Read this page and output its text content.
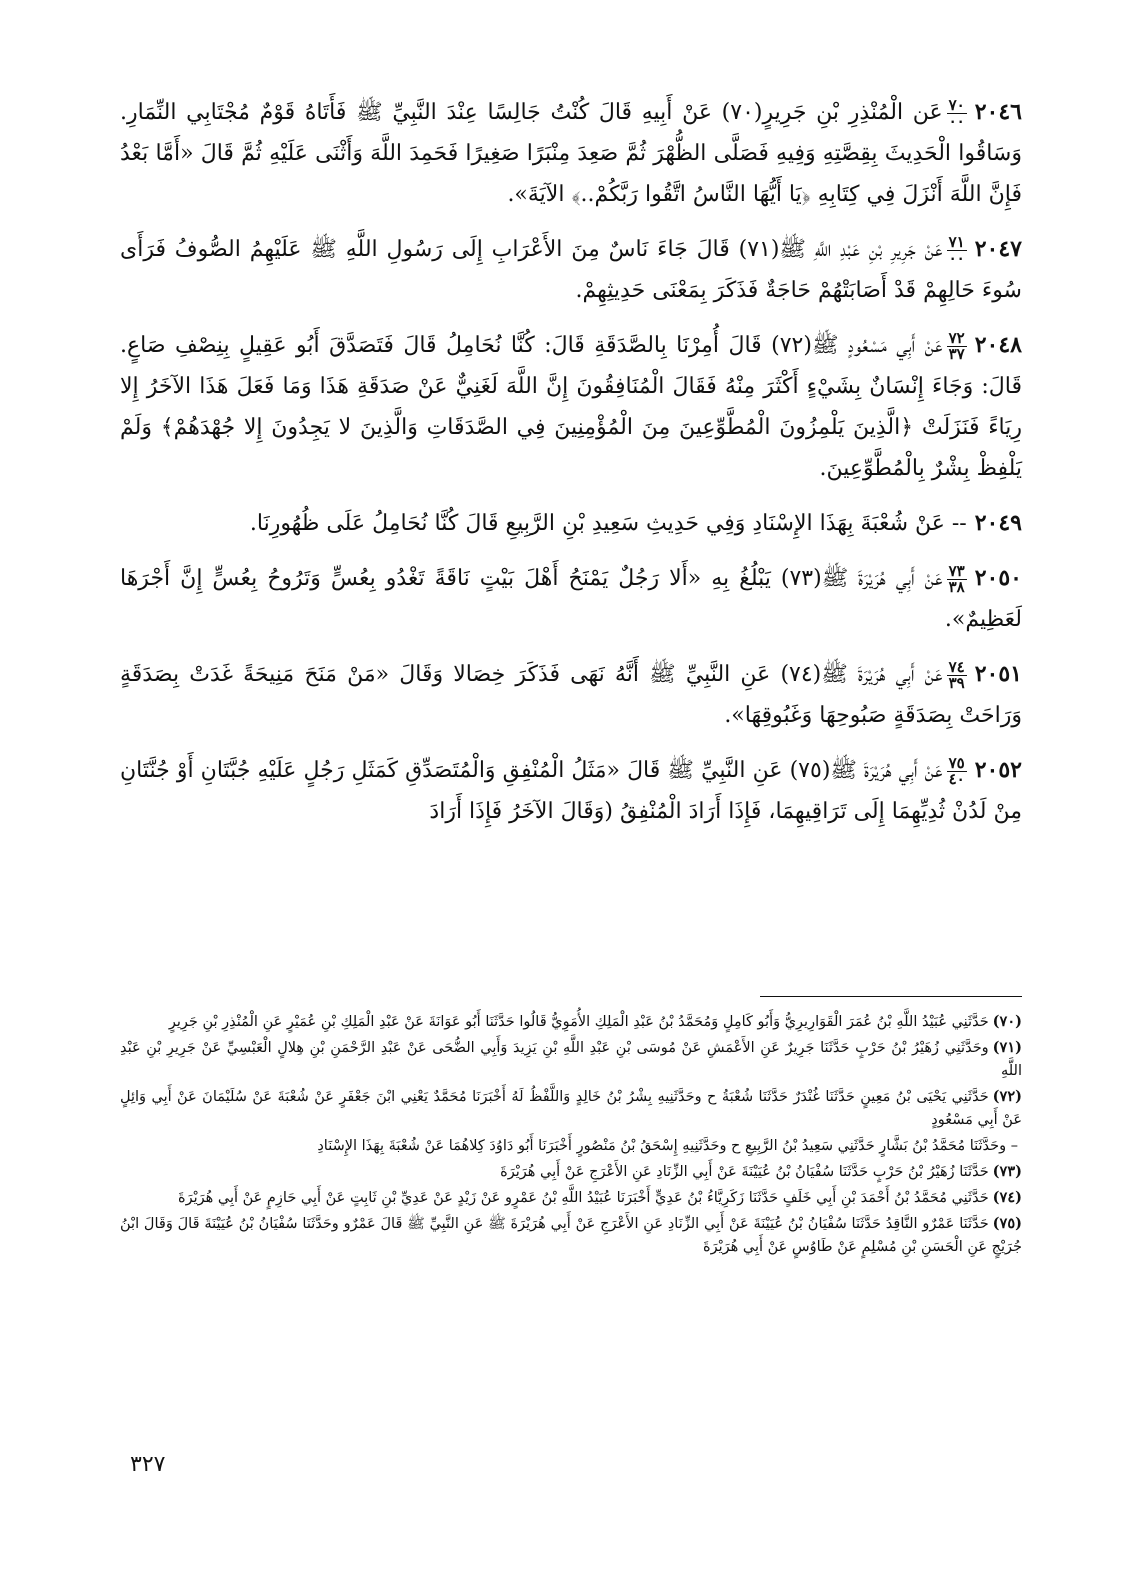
٢٠٤٦
$\frac{٧٠}{٠٠}$
عَن الْمُنْذِرِ بْنِ جَرِيرٍ(٧٠) عَنْ أَبِيهِ قَالَ كُنْتُ جَالِسًا عِنْدَ النَّبِيِّ ﷺ فَأَتَاهُ قَوْمٌ مُجْتَابِي النِّمَارِ. وَسَاقُوا الْحَدِيثَ بِقِصَّتِهِ وَفِيهِ فَصَلَّى الظُّهْرَ ثُمَّ صَعِدَ مِنْبَرًا صَغِيرًا فَحَمِدَ اللَّهَ وَأَثْنَى عَلَيْهِ ثُمَّ قَالَ «أَمَّا بَعْدُ فَإِنَّ اللَّهَ أَنْزَلَ فِي كِتَابِهِ ﴿يَا أَيُّهَا النَّاسُ اتَّقُوا رَبَّكُمْ..﴾ الآيَةَ».

٢٠٤٧
$\frac{٧١}{٠٠}$
عَنْ جَرِيرِ بْنِ عَبْدِ اللَّهِ ﷺ(٧١) قَالَ جَاءَ نَاسٌ مِنَ الأَعْرَابِ إِلَى رَسُولِ اللَّهِ ﷺ عَلَيْهِمُ الصُّوفُ فَرَأَى سُوءَ حَالِهِمْ قَدْ أَصَابَتْهُمْ حَاجَةٌ فَذَكَرَ بِمَعْنَى حَدِيثِهِمْ.

٢٠٤٨
$\frac{٧٢}{٣٧}$
عَنْ أَبِي مَسْعُودٍ ﷺ(٧٢) قَالَ أُمِرْنَا بِالصَّدَقَةِ قَالَ: كُنَّا نُحَامِلُ قَالَ فَتَصَدَّقَ أَبُو عَقِيلٍ بِنِصْفِ صَاعٍ. قَالَ: وَجَاءَ إِنْسَانٌ بِشَيْءٍ أَكْثَرَ مِنْهُ فَقَالَ الْمُنَافِقُونَ إِنَّ اللَّهَ لَغَنِيٌّ عَنْ صَدَقَةِ هَذَا وَمَا فَعَلَ هَذَا الآخَرُ إِلا رِيَاءً فَنَزَلَتْ ﴿الَّذِينَ يَلْمِزُونَ الْمُطَّوِّعِينَ مِنَ الْمُؤْمِنِينَ فِي الصَّدَقَاتِ وَالَّذِينَ لا يَجِدُونَ إِلا جُهْدَهُمْ﴾ وَلَمْ يَلْفِظْ بِشْرٌ بِالْمُطَّوِّعِينَ.

٢٠٤٩-- عَنْ شُعْبَةَ بِهَذَا الإِسْنَادِ وَفِي حَدِيثِ سَعِيدِ بْنِ الرَّبِيعِ قَالَ كُنَّا نُحَامِلُ عَلَى ظُهُورِنَا.

٢٠٥٠
$\frac{٧٣}{٣٨}$
عَنْ أَبِي هُرَيْرَةَ ﷺ(٧٣) يَبْلُغُ بِهِ «أَلا رَجُلٌ يَمْنَحُ أَهْلَ بَيْتٍ نَاقَةً تَغْدُو بِعُسٍّ وَتَرُوحُ بِعُسٍّ إِنَّ أَجْرَهَا لَعَظِيمٌ».

٢٠٥١
$\frac{٧٤}{٣٩}$
عَنْ أَبِي هُرَيْرَةَ ﷺ(٧٤) عَنِ النَّبِيِّ ﷺ أَنَّهُ نَهَى فَذَكَرَ خِصَالا وَقَالَ «مَنْ مَنَحَ مَنِيحَةً غَدَتْ بِصَدَقَةٍ وَرَاحَتْ بِصَدَقَةٍ صَبُوحِهَا وَغَبُوقِهَا».

٢٠٥٢
$\frac{٧٥}{٤٠}$
عَنْ أَبِي هُرَيْرَةَ ﷺ(٧٥) عَنِ النَّبِيِّ ﷺ قَالَ «مَثَلُ الْمُنْفِقِ وَالْمُتَصَدِّقِ كَمَثَلِ رَجُلٍ عَلَيْهِ جُبَّتَانِ أَوْ جُنَّتَانِ مِنْ لَدُنْ ثُدِيِّهِمَا إِلَى تَرَاقِيهِمَا، فَإِذَا أَرَادَ الْمُنْفِقُ (وَقَالَ الآخَرُ فَإِذَا أَرَادَ

(٧٠)حَدَّثَنِي عُبَيْدُ اللَّهِ بْنُ عُمَرَ الْقَوَارِيرِيُّ وَأَبُو كَامِلٍ وَمُحَمَّدُ بْنُ عَبْدِ الْمَلِكِ الأُمَوِيُّ قَالُوا حَدَّثَنَا أَبُو عَوَانَةَ عَنْ عَبْدِ الْمَلِكِ بْنِ عُمَيْرٍ عَنِ الْمُنْذِرِ بْنِ جَرِيرٍ

(٧١)وحَدَّثَنِي زُهَيْرُ بْنُ حَرْبٍ حَدَّثَنَا جَرِيرٌ عَنِ الأَعْمَشِ عَنْ مُوسَى بْنِ عَبْدِ اللَّهِ بْنِ يَزِيدَ وَأَبِي الضُّحَى عَنْ عَبْدِ الرَّحْمَنِ بْنِ هِلالٍ الْعَبْسِيِّ عَنْ جَرِيرِ بْنِ عَبْدِ اللَّهِ

(٧٢)حَدَّثَنِي يَحْيَى بْنُ مَعِينٍ حَدَّثَنَا غُنْدَرٌ حَدَّثَنَا شُعْبَةُ ح وحَدَّثَنِيهِ بِشْرُ بْنُ خَالِدٍ وَاللَّفْظُ لَهُ أَخْبَرَنَا مُحَمَّدٌ يَعْنِي ابْنَ جَعْفَرٍ عَنْ شُعْبَةَ عَنْ سُلَيْمَانَ عَنْ أَبِي وَائِلٍ عَنْ أَبِي مَسْعُودٍ

– وحَدَّثَنَا مُحَمَّدُ بْنُ بَشَّارٍ حَدَّثَنِي سَعِيدُ بْنُ الرَّبِيعِ ح وحَدَّثَنِيهِ إِسْحَقُ بْنُ مَنْصُورٍ أَخْبَرَنَا أَبُو دَاوُدَ كِلاهُمَا عَنْ شُعْبَةَ بِهَذَا الإِسْنَادِ

(٧٣)حَدَّثَنَا زُهَيْرُ بْنُ حَرْبٍ حَدَّثَنَا سُفْيَانُ بْنُ عُيَيْنَةَ عَنْ أَبِي الزِّنَادِ عَنِ الأَعْرَجِ عَنْ أَبِي هُرَيْرَةَ

(٧٤)حَدَّثَنِي مُحَمَّدُ بْنُ أَحْمَدَ بْنِ أَبِي خَلَفٍ حَدَّثَنَا زَكَرِيَّاءُ بْنُ عَدِيٍّ أَخْبَرَنَا عُبَيْدُ اللَّهِ بْنُ عَمْرٍو عَنْ زَيْدٍ عَنْ عَدِيِّ بْنِ ثَابِتٍ عَنْ أَبِي حَازِمٍ عَنْ أَبِي هُرَيْرَةَ

(٧٥)حَدَّثَنَا عَمْرٌو النَّاقِدُ حَدَّثَنَا سُفْيَانُ بْنُ عُيَيْنَةَ عَنْ أَبِي الزِّنَادِ عَنِ الأَعْرَجِ عَنْ أَبِي هُرَيْرَةَ ﷺ عَنِ النَّبِيِّ ﷺ قَالَ عَمْرٌو وحَدَّثَنَا سُفْيَانُ بْنُ عُيَيْنَةَ قَالَ وَقَالَ ابْنُ جُرَيْجٍ عَنِ الْحَسَنِ بْنِ مُسْلِمٍ عَنْ طَاوُسٍ عَنْ أَبِي هُرَيْرَةَ

٣٢٧
